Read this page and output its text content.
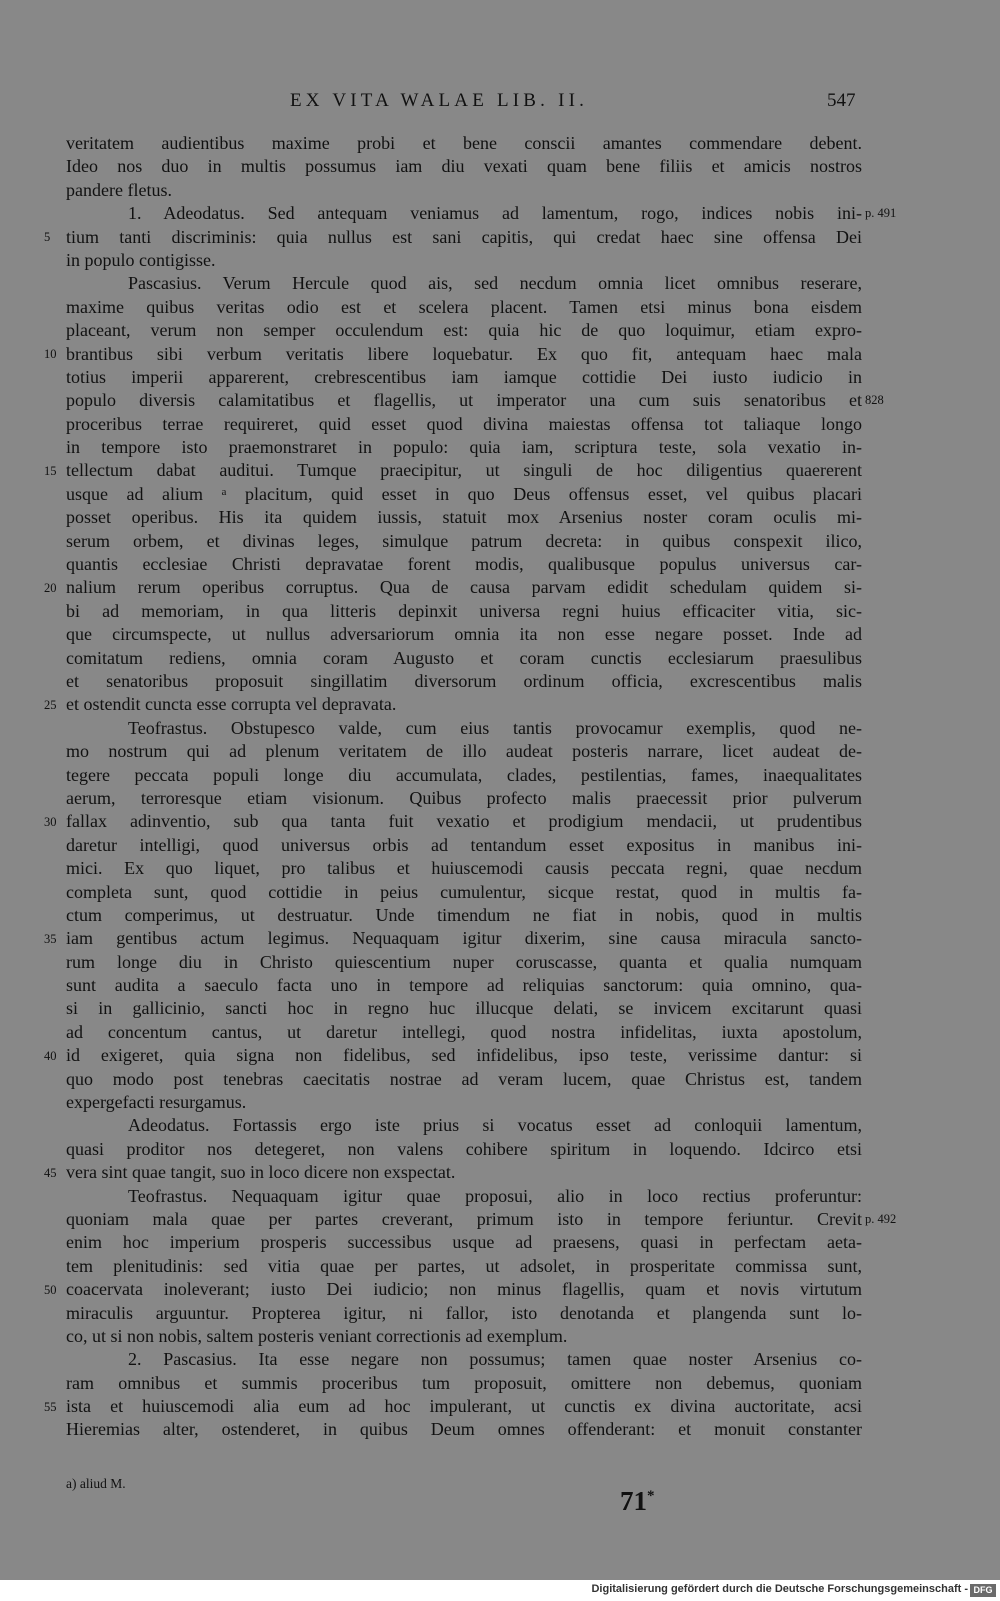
EX VITA WALAE LIB. II.	547
veritatem audientibus maxime probi et bene conscii amantes commendare debent.
Ideo nos duo in multis possumus iam diu vexati quam bene filiis et amicis nostros
pandere fletus.
1. Adeodatus. Sed antequam veniamus ad lamentum, rogo, indices nobis ini-
tium tanti discriminis: quia nullus est sani capitis, qui credat haec sine offensa Dei
in populo contigisse.
Pascasius. Verum Hercule quod ais, sed necdum omnia licet omnibus reserare,
maxime quibus veritas odio est et scelera placent. Tamen etsi minus bona eisdem
placeant, verum non semper occulendum est: quia hic de quo loquimur, etiam expro-
brantibus sibi verbum veritatis libere loquebatur. Ex quo fit, antequam haec mala
totius imperii apparerent, crebrescentibus iam iamque cottidie Dei iusto iudicio in
populo diversis calamitatibus et flagellis, ut imperator una cum suis senatoribus et
proceribus terrae requireret, quid esset quod divina maiestas offensa tot taliaque longo
in tempore isto praemonstraret in populo: quia iam, scriptura teste, sola vexatio in-
tellectum dabat auditui. Tumque praecipitur, ut singuli de hoc diligentius quaererent
usque ad alium ᵃ placitum, quid esset in quo Deus offensus esset, vel quibus placari
posset operibus. His ita quidem iussis, statuit mox Arsenius noster coram oculis mi-
serum orbem, et divinas leges, simulque patrum decreta: in quibus conspexit ilico,
quantis ecclesiae Christi depravatae forent modis, qualibusque populus universus car-
nalium rerum operibus corruptus. Qua de causa parvam edidit schedulam quidem si-
bi ad memoriam, in qua litteris depinxit universa regni huius efficaciter vitia, sic-
que circumspecte, ut nullus adversariorum omnia ita non esse negare posset. Inde ad
comitatum rediens, omnia coram Augusto et coram cunctis ecclesiarum praesulibus
et senatoribus proposuit singillatim diversorum ordinum officia, excrescentibus malis
et ostendit cuncta esse corrupta vel depravata.
Teofrastus. Obstupesco valde, cum eius tantis provocamur exemplis, quod ne-
mo nostrum qui ad plenum veritatem de illo audeat posteris narrare, licet audeat de-
tegere peccata populi longe diu accumulata, clades, pestilentias, fames, inaequalitates
aerum, terroresque etiam visionum. Quibus profecto malis praecessit prior pulverum
fallax adinventio, sub qua tanta fuit vexatio et prodigium mendacii, ut prudentibus
daretur intelligi, quod universus orbis ad tentandum esset expositus in manibus ini-
mici. Ex quo liquet, pro talibus et huiuscemodi causis peccata regni, quae necdum
completa sunt, quod cottidie in peius cumulentur, sicque restat, quod in multis fa-
ctum comperimus, ut destruatur. Unde timendum ne fiat in nobis, quod in multis
iam gentibus actum legimus. Nequaquam igitur dixerim, sine causa miracula sancto-
rum longe diu in Christo quiescentium nuper coruscasse, quanta et qualia numquam
sunt audita a saeculo facta uno in tempore ad reliquias sanctorum: quia omnino, qua-
si in gallicinio, sancti hoc in regno huc illucque delati, se invicem excitarunt quasi
ad concentum cantus, ut daretur intellegi, quod nostra infidelitas, iuxta apostolum,
id exigeret, quia signa non fidelibus, sed infidelibus, ipso teste, verissime dantur: si
quo modo post tenebras caecitatis nostrae ad veram lucem, quae Christus est, tandem
expergefacti resurgamus.
Adeodatus. Fortassis ergo iste prius si vocatus esset ad conloquii lamentum,
quasi proditor nos detegeret, non valens cohibere spiritum in loquendo. Idcirco etsi
vera sint quae tangit, suo in loco dicere non exspectat.
Teofrastus. Nequaquam igitur quae proposui, alio in loco rectius proferuntur:
quoniam mala quae per partes creverant, primum isto in tempore feriuntur. Crevit
enim hoc imperium prosperis successibus usque ad praesens, quasi in perfectam aeta-
tem plenitudinis: sed vitia quae per partes, ut adsolet, in prosperitate commissa sunt,
coacervata inoleverant; iusto Dei iudicio; non minus flagellis, quam et novis virtutum
miraculis arguuntur. Propterea igitur, ni fallor, isto denotanda et plangenda sunt lo-
co, ut si non nobis, saltem posteris veniant correctionis ad exemplum.
2. Pascasius. Ita esse negare non possumus; tamen quae noster Arsenius co-
ram omnibus et summis proceribus tum proposuit, omittere non debemus, quoniam
ista et huiuscemodi alia eum ad hoc impulerant, ut cunctis ex divina auctoritate, acsi
Hieremias alter, ostenderet, in quibus Deum omnes offenderant: et monuit constanter
a) aliud M.
71*
5
10
15
20
25
30
35
40
45
50
55
p. 491
828
p. 492
Digitalisierung gefördert durch die Deutsche Forschungsgemeinschaft - DFG
